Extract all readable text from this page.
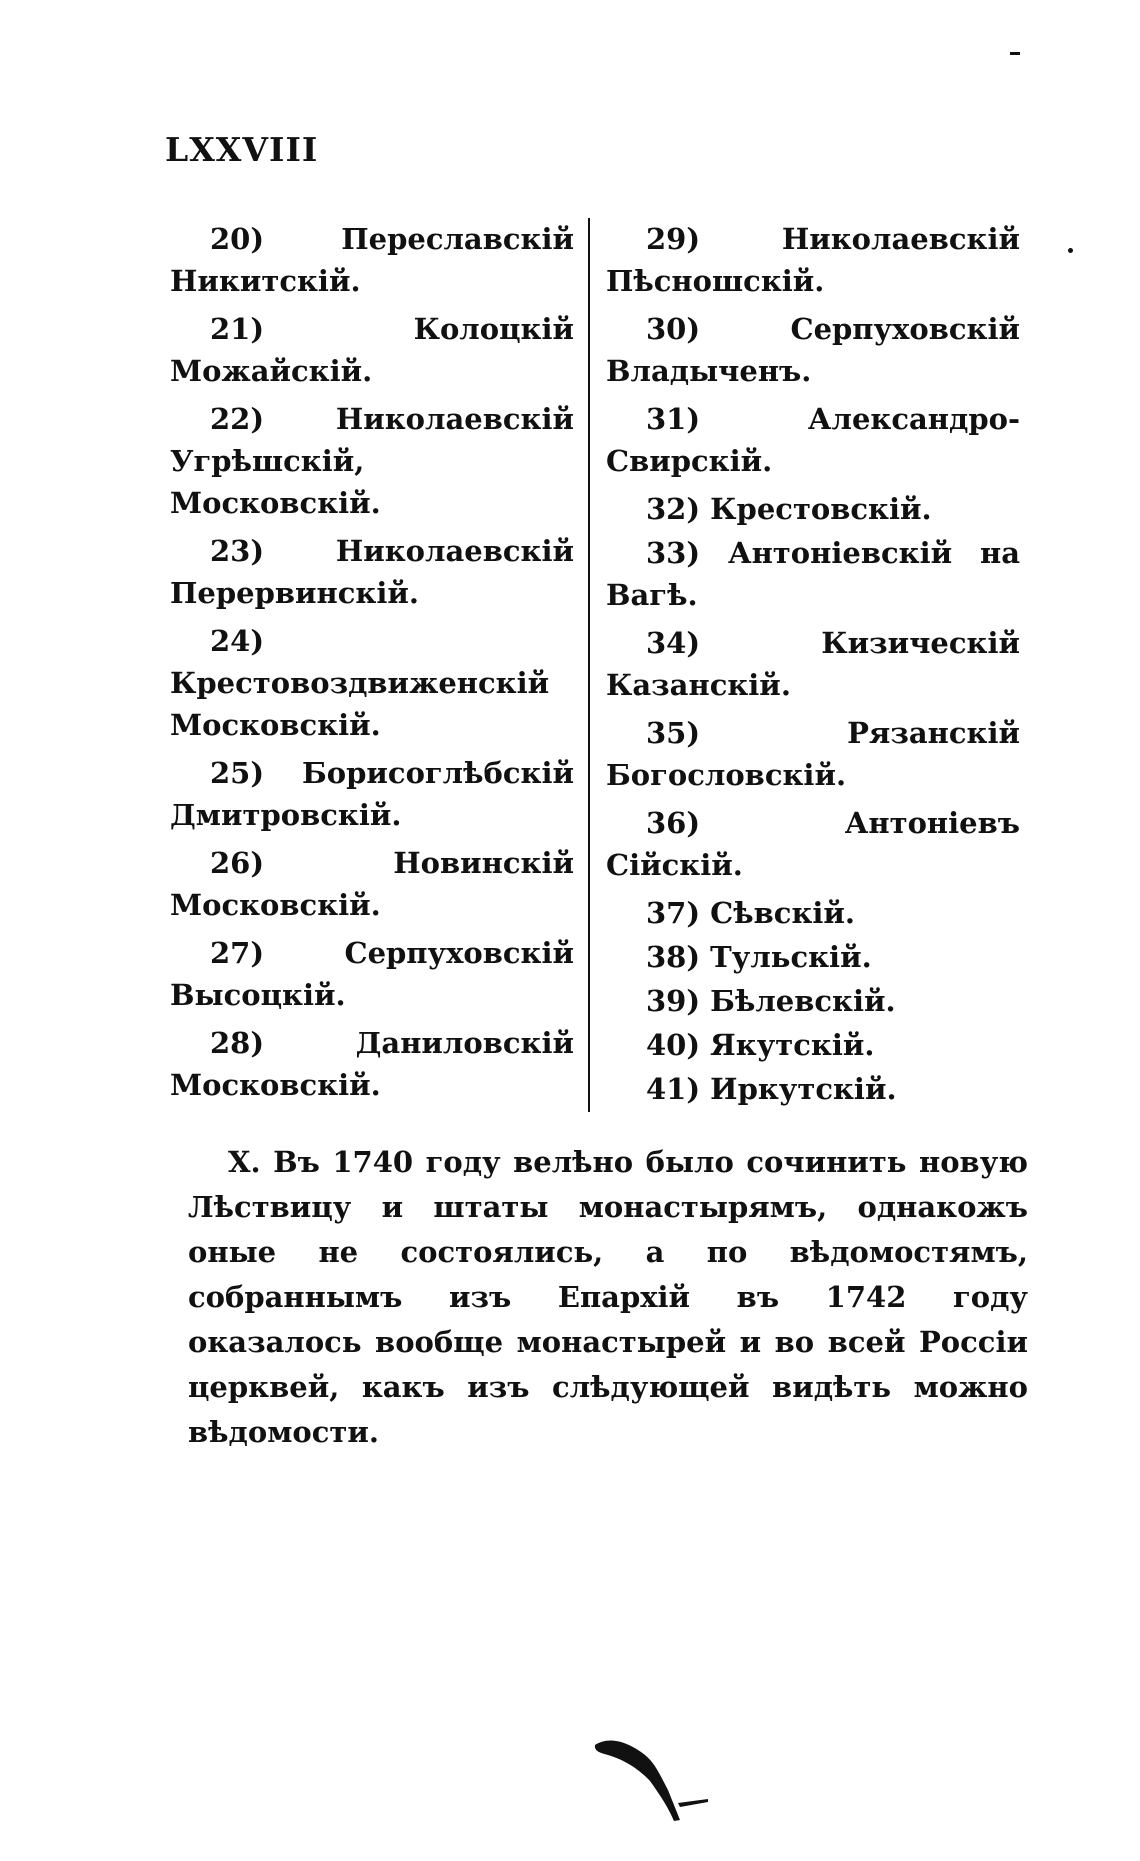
LXXVIII
20) Переславскій Никитскій.
21) Колоцкій Можайскій.
22) Николаевскій Угрѣшскій, Московскій.
23) Николаевскій Перервинскій.
24) Крестовоздвиженскій Московскій.
25) Борисоглѣбскій Дмитровскій.
26) Новинскій Московскій.
27) Серпуховскій Высоцкій.
28) Даниловскій Московскій.
29) Николаевскій Пѣсношскій.
30) Серпуховскій Владыченъ.
31) Александро-Свирскій.
32) Крестовскій.
33) Антоніевскій на Вагѣ.
34) Кизическій Казанскій.
35) Рязанскій Богословскій.
36) Антоніевъ Сійскій.
37) Сѣвскій.
38) Тульскій.
39) Бѣлевскій.
40) Якутскій.
41) Иркутскій.
X. Въ 1740 году велѣно было сочинить новую Лѣствицу и штаты монастырямъ, однакожъ оные не состоялись, а по вѣдомостямъ, собраннымъ изъ Епархій въ 1742 году оказалось вообще монастырей и во всей Россіи церквей, какъ изъ слѣдующей видѣть можно вѣдомости.
